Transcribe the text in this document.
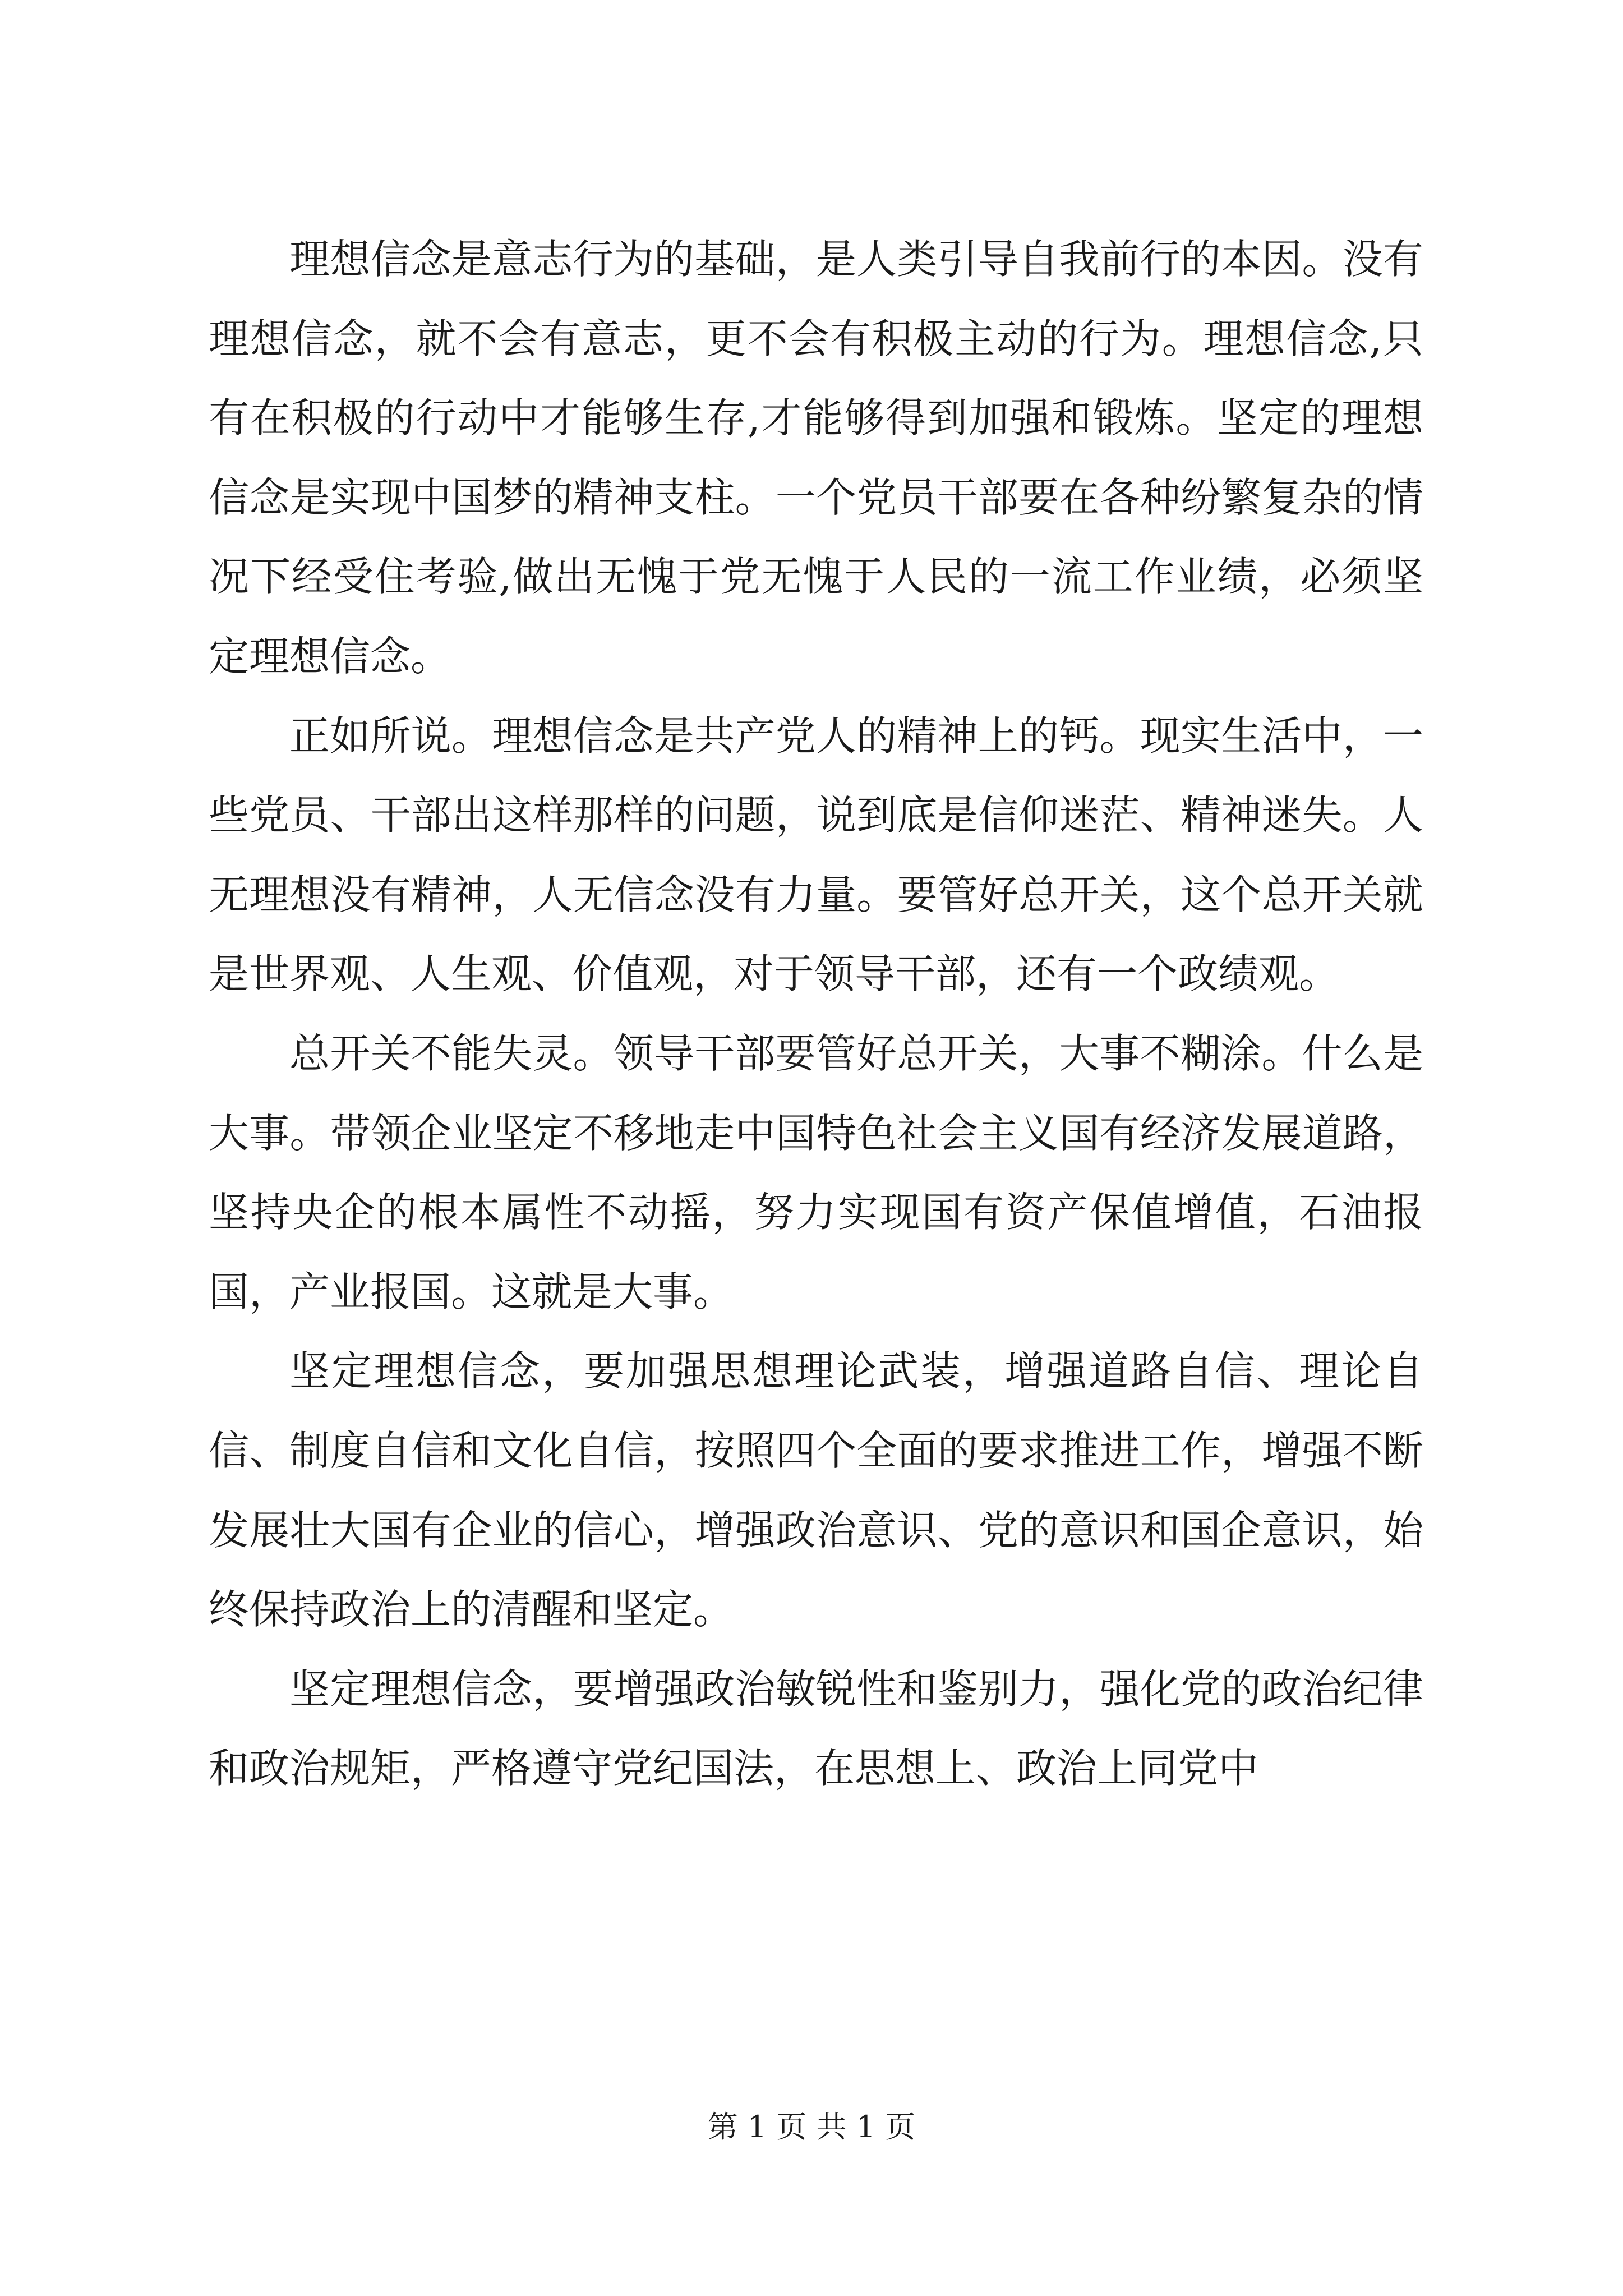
理想信念是意志行为的基础，是人类引导自我前行的本因。没有理想信念，就不会有意志，更不会有积极主动的行为。理想信念,只有在积极的行动中才能够生存,才能够得到加强和锻炼。坚定的理想信念是实现中国梦的精神支柱。一个党员干部要在各种纷繁复杂的情况下经受住考验,做出无愧于党无愧于人民的一流工作业绩，必须坚定理想信念。

正如所说。理想信念是共产党人的精神上的钙。现实生活中，一些党员、干部出这样那样的问题，说到底是信仰迷茫、精神迷失。人无理想没有精神，人无信念没有力量。要管好总开关，这个总开关就是世界观、人生观、价值观，对于领导干部，还有一个政绩观。

总开关不能失灵。领导干部要管好总开关，大事不糊涂。什么是大事。带领企业坚定不移地走中国特色社会主义国有经济发展道路，坚持央企的根本属性不动摇，努力实现国有资产保值增值，石油报国，产业报国。这就是大事。

坚定理想信念，要加强思想理论武装，增强道路自信、理论自信、制度自信和文化自信，按照四个全面的要求推进工作，增强不断发展壮大国有企业的信心，增强政治意识、党的意识和国企意识，始终保持政治上的清醒和坚定。

坚定理想信念，要增强政治敏锐性和鉴别力，强化党的政治纪律和政治规矩，严格遵守党纪国法，在思想上、政治上同党中

第 1 页 共 1 页
